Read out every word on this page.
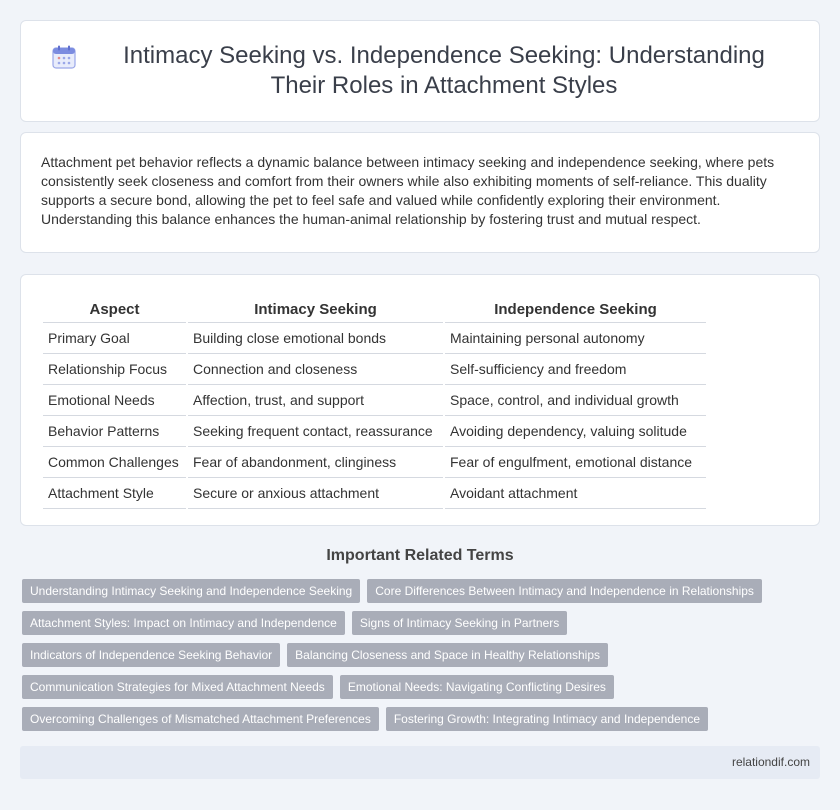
Intimacy Seeking vs. Independence Seeking: Understanding Their Roles in Attachment Styles

Attachment pet behavior reflects a dynamic balance between intimacy seeking and independence seeking, where pets consistently seek closeness and comfort from their owners while also exhibiting moments of self-reliance. This duality supports a secure bond, allowing the pet to feel safe and valued while confidently exploring their environment. Understanding this balance enhances the human-animal relationship by fostering trust and mutual respect.

Aspect	Intimacy Seeking	Independence Seeking
Primary Goal	Building close emotional bonds	Maintaining personal autonomy
Relationship Focus	Connection and closeness	Self-sufficiency and freedom
Emotional Needs	Affection, trust, and support	Space, control, and individual growth
Behavior Patterns	Seeking frequent contact, reassurance	Avoiding dependency, valuing solitude
Common Challenges	Fear of abandonment, clinginess	Fear of engulfment, emotional distance
Attachment Style	Secure or anxious attachment	Avoidant attachment
Important Related Terms
Understanding Intimacy Seeking and Independence Seeking	Core Differences Between Intimacy and Independence in Relationships
Attachment Styles: Impact on Intimacy and Independence	Signs of Intimacy Seeking in Partners
Indicators of Independence Seeking Behavior	Balancing Closeness and Space in Healthy Relationships
Communication Strategies for Mixed Attachment Needs	Emotional Needs: Navigating Conflicting Desires
Overcoming Challenges of Mismatched Attachment Preferences	Fostering Growth: Integrating Intimacy and Independence
relationdif.com
